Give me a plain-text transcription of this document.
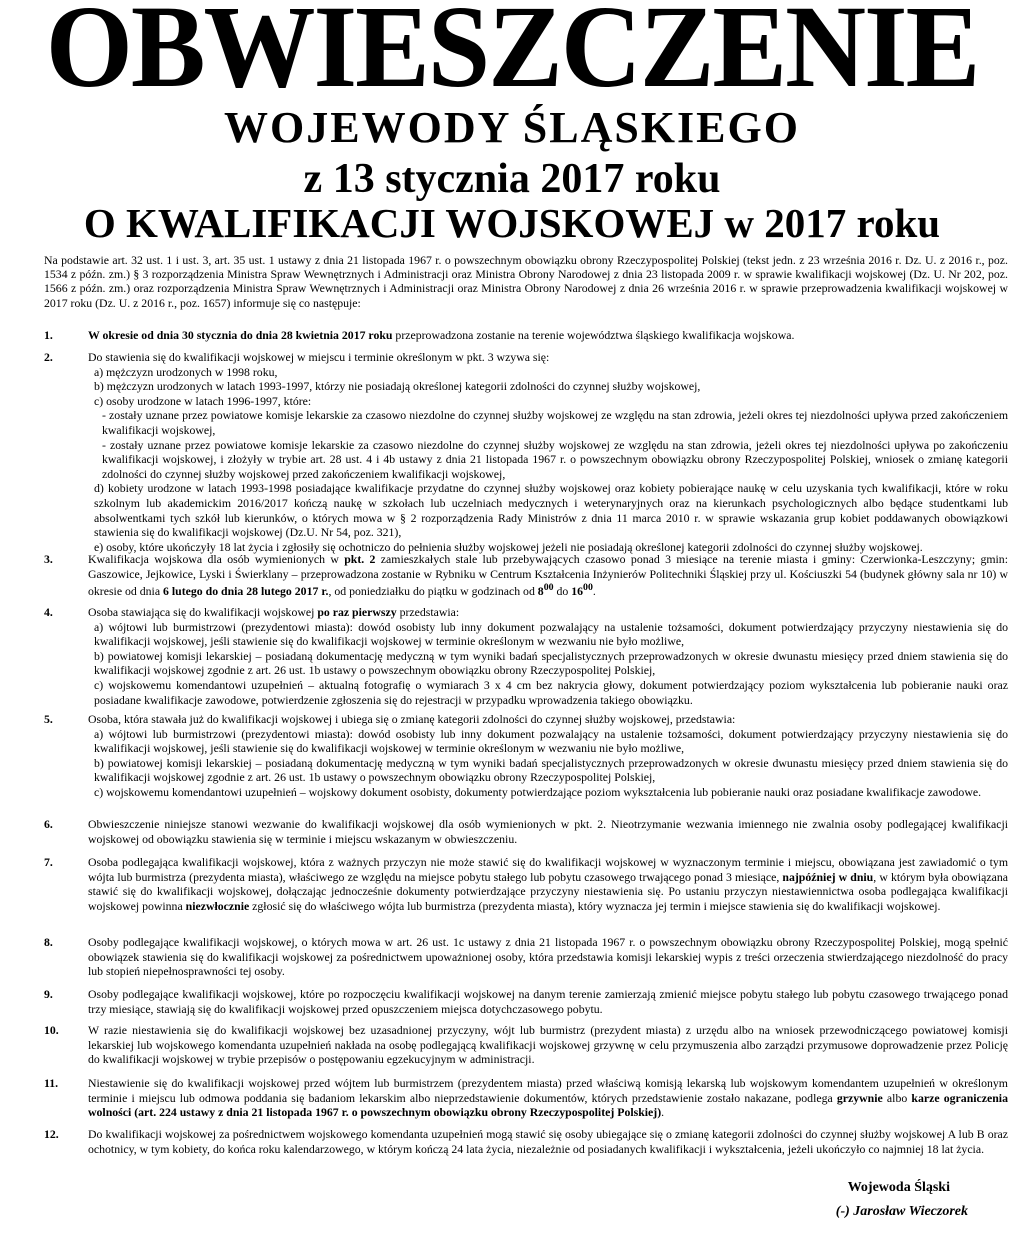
OBWIESZCZENIE
WOJEWODY ŚLĄSKIEGO
z 13 stycznia 2017 roku
O KWALIFIKACJI WOJSKOWEJ w 2017 roku
Na podstawie art. 32 ust. 1 i ust. 3, art. 35 ust. 1 ustawy z dnia 21 listopada 1967 r. o powszechnym obowiązku obrony Rzeczypospolitej Polskiej (tekst jedn. z 23 września 2016 r. Dz. U. z 2016 r., poz. 1534 z późn. zm.) § 3 rozporządzenia Ministra Spraw Wewnętrznych i Administracji oraz Ministra Obrony Narodowej z dnia 23 listopada 2009 r. w sprawie kwalifikacji wojskowej (Dz. U. Nr 202, poz. 1566 z późn. zm.) oraz rozporządzenia Ministra Spraw Wewnętrznych i Administracji oraz Ministra Obrony Narodowej z dnia 26 września 2016 r. w sprawie przeprowadzenia kwalifikacji wojskowej w 2017 roku (Dz. U. z 2016 r., poz. 1657) informuje się co następuje:
1.	W okresie od dnia 30 stycznia do dnia 28 kwietnia 2017 roku przeprowadzona zostanie na terenie województwa śląskiego kwalifikacja wojskowa.
2.	Do stawienia się do kwalifikacji wojskowej w miejscu i terminie określonym w pkt. 3 wzywa się:
a) mężczyzn urodzonych w 1998 roku,
b) mężczyzn urodzonych w latach 1993-1997, którzy nie posiadają określonej kategorii zdolności do czynnej służby wojskowej,
c) osoby urodzone w latach 1996-1997, które:
- zostały uznane przez powiatowe komisje lekarskie za czasowo niezdolne do czynnej służby wojskowej ze względu na stan zdrowia, jeżeli okres tej niezdolności upływa przed zakończeniem kwalifikacji wojskowej,
- zostały uznane przez powiatowe komisje lekarskie za czasowo niezdolne do czynnej służby wojskowej ze względu na stan zdrowia, jeżeli okres tej niezdolności upływa po zakończeniu kwalifikacji wojskowej, i złożyły w trybie art. 28 ust. 4 i 4b ustawy z dnia 21 listopada 1967 r. o powszechnym obowiązku obrony Rzeczypospolitej Polskiej, wniosek o zmianę kategorii zdolności do czynnej służby wojskowej przed zakończeniem kwalifikacji wojskowej,
d) kobiety urodzone w latach 1993-1998 posiadające kwalifikacje przydatne do czynnej służby wojskowej oraz kobiety pobierające naukę w celu uzyskania tych kwalifikacji, które w roku szkolnym lub akademickim 2016/2017 kończą naukę w szkołach lub uczelniach medycznych i weterynaryjnych oraz na kierunkach psychologicznych albo będące studentkami lub absolwentkami tych szkół lub kierunków, o których mowa w § 2 rozporządzenia Rady Ministrów z dnia 11 marca 2010 r. w sprawie wskazania grup kobiet poddawanych obowiązkowi stawienia się do kwalifikacji wojskowej (Dz.U. Nr 54, poz. 321),
e) osoby, które ukończyły 18 lat życia i zgłosiły się ochotniczo do pełnienia służby wojskowej jeżeli nie posiadają określonej kategorii zdolności do czynnej służby wojskowej.
3.	Kwalifikacja wojskowa dla osób wymienionych w pkt. 2 zamieszkałych stale lub przebywających czasowo ponad 3 miesiące na terenie miasta i gminy: Czerwionka-Leszczyny; gmin: Gaszowice, Jejkowice, Lyski i Świerklany – przeprowadzona zostanie w Rybniku w Centrum Kształcenia Inżynierów Politechniki Śląskiej przy ul. Kościuszki 54 (budynek główny sala nr 10) w okresie od dnia 6 lutego do dnia 28 lutego 2017 r., od poniedziałku do piątku w godzinach od $8^{00}$ do $16^{00}$.
4.	Osoba stawiająca się do kwalifikacji wojskowej po raz pierwszy przedstawia:
a) wójtowi lub burmistrzowi (prezydentowi miasta): dowód osobisty lub inny dokument pozwalający na ustalenie tożsamości, dokument potwierdzający przyczyny niestawienia się do kwalifikacji wojskowej, jeśli stawienie się do kwalifikacji wojskowej w terminie określonym w wezwaniu nie było możliwe,
b) powiatowej komisji lekarskiej – posiadaną dokumentację medyczną w tym wyniki badań specjalistycznych przeprowadzonych w okresie dwunastu miesięcy przed dniem stawienia się do kwalifikacji wojskowej zgodnie z art. 26 ust. 1b ustawy o powszechnym obowiązku obrony Rzeczypospolitej Polskiej,
c) wojskowemu komendantowi uzupełnień – aktualną fotografię o wymiarach 3 x 4 cm bez nakrycia głowy, dokument potwierdzający poziom wykształcenia lub pobieranie nauki oraz posiadane kwalifikacje zawodowe, potwierdzenie zgłoszenia się do rejestracji w przypadku wprowadzenia takiego obowiązku.
5.	Osoba, która stawała już do kwalifikacji wojskowej i ubiega się o zmianę kategorii zdolności do czynnej służby wojskowej, przedstawia:
a) wójtowi lub burmistrzowi (prezydentowi miasta): dowód osobisty lub inny dokument pozwalający na ustalenie tożsamości, dokument potwierdzający przyczyny niestawienia się do kwalifikacji wojskowej, jeśli stawienie się do kwalifikacji wojskowej w terminie określonym w wezwaniu nie było możliwe,
b) powiatowej komisji lekarskiej – posiadaną dokumentację medyczną w tym wyniki badań specjalistycznych przeprowadzonych w okresie dwunastu miesięcy przed dniem stawienia się do kwalifikacji wojskowej zgodnie z art. 26 ust. 1b ustawy o powszechnym obowiązku obrony Rzeczypospolitej Polskiej,
c) wojskowemu komendantowi uzupełnień – wojskowy dokument osobisty, dokumenty potwierdzające poziom wykształcenia lub pobieranie nauki oraz posiadane kwalifikacje zawodowe.
6.	Obwieszczenie niniejsze stanowi wezwanie do kwalifikacji wojskowej dla osób wymienionych w pkt. 2. Nieotrzymanie wezwania imiennego nie zwalnia osoby podlegającej kwalifikacji wojskowej od obowiązku stawienia się w terminie i miejscu wskazanym w obwieszczeniu.
7.	Osoba podlegająca kwalifikacji wojskowej, która z ważnych przyczyn nie może stawić się do kwalifikacji wojskowej w wyznaczonym terminie i miejscu, obowiązana jest zawiadomić o tym wójta lub burmistrza (prezydenta miasta), właściwego ze względu na miejsce pobytu stałego lub pobytu czasowego trwającego ponad 3 miesiące, najpóźniej w dniu, w którym była obowiązana stawić się do kwalifikacji wojskowej, dołączając jednocześnie dokumenty potwierdzające przyczyny niestawienia się. Po ustaniu przyczyn niestawiennictwa osoba podlegająca kwalifikacji wojskowej powinna niezwłocznie zgłosić się do właściwego wójta lub burmistrza (prezydenta miasta), który wyznacza jej termin i miejsce stawienia się do kwalifikacji wojskowej.
8.	Osoby podlegające kwalifikacji wojskowej, o których mowa w art. 26 ust. 1c ustawy z dnia 21 listopada 1967 r. o powszechnym obowiązku obrony Rzeczypospolitej Polskiej, mogą spełnić obowiązek stawienia się do kwalifikacji wojskowej za pośrednictwem upoważnionej osoby, która przedstawia komisji lekarskiej wypis z treści orzeczenia stwierdzającego niezdolność do pracy lub stopień niepełnosprawności tej osoby.
9.	Osoby podlegające kwalifikacji wojskowej, które po rozpoczęciu kwalifikacji wojskowej na danym terenie zamierzają zmienić miejsce pobytu stałego lub pobytu czasowego trwającego ponad trzy miesiące, stawiają się do kwalifikacji wojskowej przed opuszczeniem miejsca dotychczasowego pobytu.
10.	W razie niestawienia się do kwalifikacji wojskowej bez uzasadnionej przyczyny, wójt lub burmistrz (prezydent miasta) z urzędu albo na wniosek przewodniczącego powiatowej komisji lekarskiej lub wojskowego komendanta uzupełnień nakłada na osobę podlegającą kwalifikacji wojskowej grzywnę w celu przymuszenia albo zarządzi przymusowe doprowadzenie przez Policję do kwalifikacji wojskowej w trybie przepisów o postępowaniu egzekucyjnym w administracji.
11.	Niestawienie się do kwalifikacji wojskowej przed wójtem lub burmistrzem (prezydentem miasta) przed właściwą komisją lekarską lub wojskowym komendantem uzupełnień w określonym terminie i miejscu lub odmowa poddania się badaniom lekarskim albo nieprzedstawienie dokumentów, których przedstawienie zostało nakazane, podlega grzywnie albo karze ograniczenia wolności (art. 224 ustawy z dnia 21 listopada 1967 r. o powszechnym obowiązku obrony Rzeczypospolitej Polskiej).
12.	Do kwalifikacji wojskowej za pośrednictwem wojskowego komendanta uzupełnień mogą stawić się osoby ubiegające się o zmianę kategorii zdolności do czynnej służby wojskowej A lub B oraz ochotnicy, w tym kobiety, do końca roku kalendarzowego, w którym kończą 24 lata życia, niezależnie od posiadanych kwalifikacji i wykształcenia, jeżeli ukończyło co najmniej 18 lat życia.
Wojewoda Śląski
(-) Jarosław Wieczorek
